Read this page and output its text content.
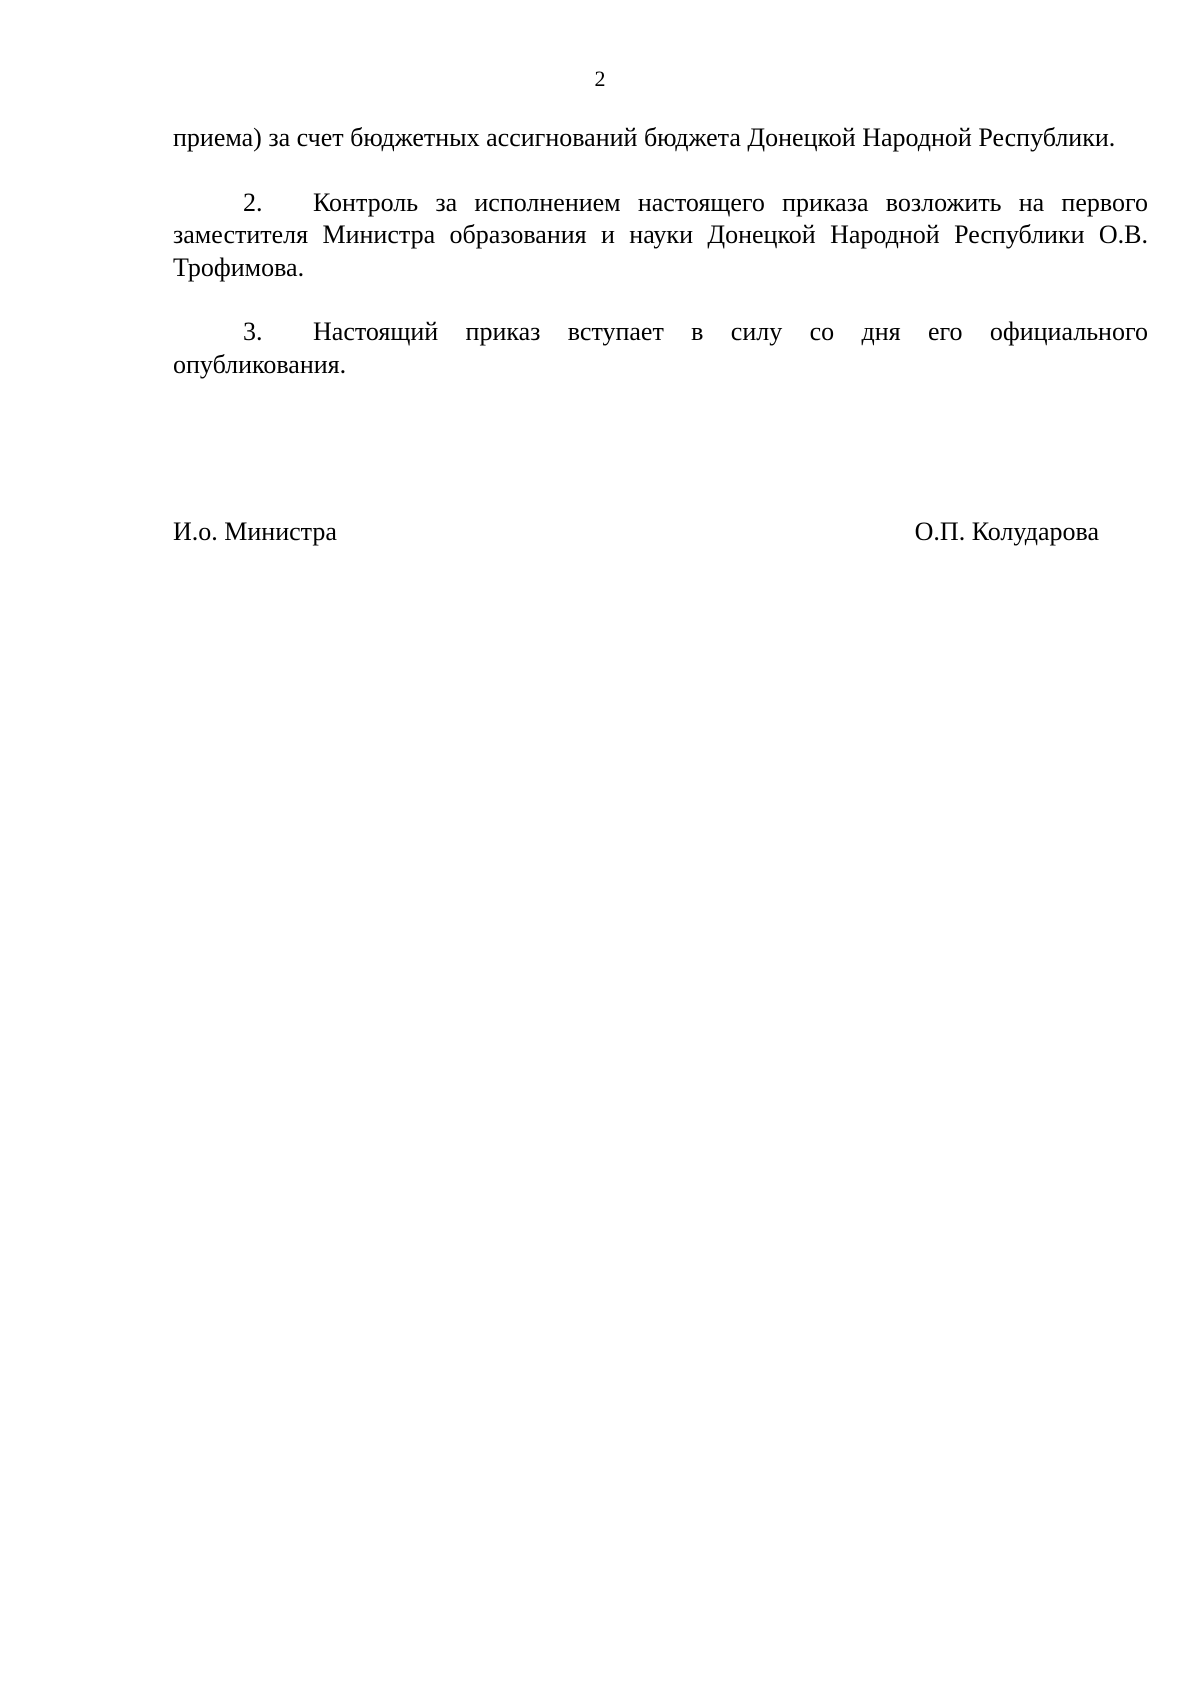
2

приема) за счет бюджетных ассигнований бюджета Донецкой Народной Республики.

2. Контроль за исполнением настоящего приказа возложить на первого заместителя Министра образования и науки Донецкой Народной Республики О.В. Трофимова.

3. Настоящий приказ вступает в силу со дня его официального опубликования.

И.о. Министра	О.П. Колударова
